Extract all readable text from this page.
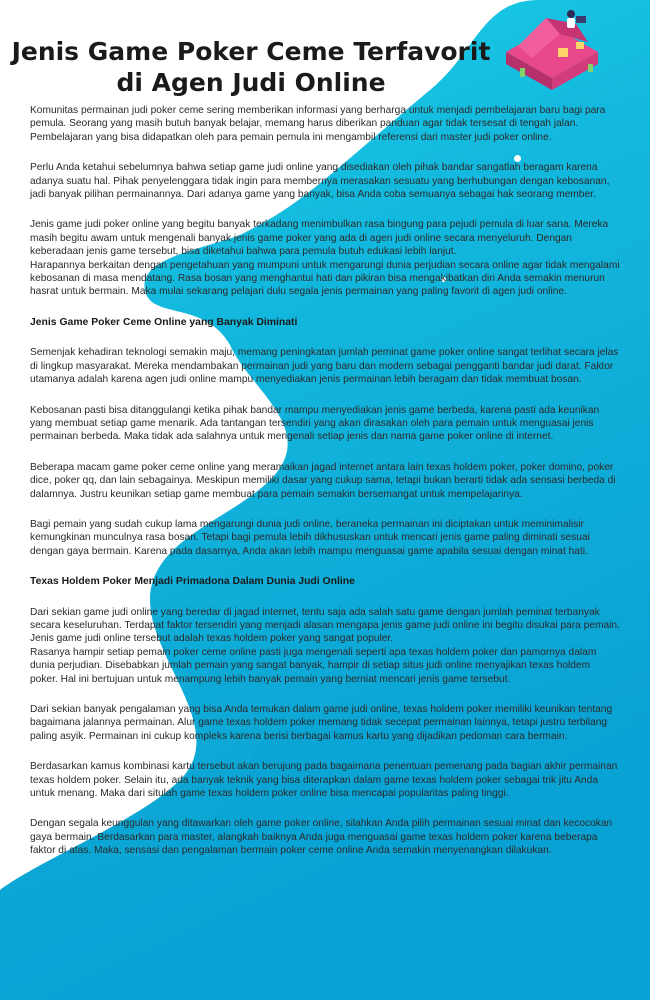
Jenis Game Poker Ceme Terfavorit
di Agen Judi Online

Komunitas permainan judi poker ceme sering memberikan informasi yang berharga untuk menjadi pembelajaran baru bagi para pemula. Seorang yang masih butuh banyak belajar, memang harus diberikan panduan agar tidak tersesat di tengah jalan. Pembelajaran yang bisa didapatkan oleh para pemain pemula ini mengambil referensi dari master judi poker online.

Perlu Anda ketahui sebelumnya bahwa setiap game judi online yang disediakan oleh pihak bandar sangatlah beragam karena adanya suatu hal. Pihak penyelenggara tidak ingin para membernya merasakan sesuatu yang berhubungan dengan kebosanan, jadi banyak pilihan permainannya. Dari adanya game yang banyak, bisa Anda coba semuanya sebagai hak seorang member.

Jenis game judi poker online yang begitu banyak terkadang menimbulkan rasa bingung para pejudi pemula di luar sana. Mereka masih begitu awam untuk mengenali banyak jenis game poker yang ada di agen judi online secara menyeluruh. Dengan keberadaan jenis game tersebut, bisa diketahui bahwa para pemula butuh edukasi lebih lanjut.

Harapannya berkaitan dengan pengetahuan yang mumpuni untuk mengarungi dunia perjudian secara online agar tidak mengalami kebosanan di masa mendatang. Rasa bosan yang menghantui hati dan pikiran bisa mengakibatkan diri Anda semakin menurun hasrat untuk bermain. Maka mulai sekarang pelajari dulu segala jenis permainan yang paling favorit di agen judi online.

Jenis Game Poker Ceme Online yang Banyak Diminati

Semenjak kehadiran teknologi semakin maju, memang peningkatan jumlah peminat game poker online sangat terlihat secara jelas di lingkup masyarakat. Mereka mendambakan permainan judi yang baru dan modern sebagai pengganti bandar judi darat. Faktor utamanya adalah karena agen judi online mampu menyediakan jenis permainan lebih beragam dan tidak membuat bosan.

Kebosanan pasti bisa ditanggulangi ketika pihak bandar mampu menyediakan jenis game berbeda, karena pasti ada keunikan yang membuat setiap game menarik. Ada tantangan tersendiri yang akan dirasakan oleh para pemain untuk menguasai jenis permainan berbeda. Maka tidak ada salahnya untuk mengenali setiap jenis dan nama game poker online di internet.

Beberapa macam game poker ceme online yang meramaikan jagad internet antara lain texas holdem poker, poker domino, poker dice, poker qq, dan lain sebagainya. Meskipun memiliki dasar yang cukup sama, tetapi bukan berarti tidak ada sensasi berbeda di dalamnya. Justru keunikan setiap game membuat para pemain semakin bersemangat untuk mempelajarinya.

Bagi pemain yang sudah cukup lama mengarungi dunia judi online, beraneka permainan ini diciptakan untuk meminimalisir kemungkinan munculnya rasa bosan. Tetapi bagi pemula lebih dikhususkan untuk mencari jenis game paling diminati sesuai dengan gaya bermain. Karena pada dasarnya, Anda akan lebih mampu menguasai game apabila sesuai dengan minat hati.

Texas Holdem Poker Menjadi Primadona Dalam Dunia Judi Online

Dari sekian game judi online yang beredar di jagad internet, tentu saja ada salah satu game dengan jumlah peminat terbanyak secara keseluruhan. Terdapat faktor tersendiri yang menjadi alasan mengapa jenis game judi online ini begitu disukai para pemain. Jenis game judi online tersebut adalah texas holdem poker yang sangat populer.

Rasanya hampir setiap pemain poker ceme online pasti juga mengenali seperti apa texas holdem poker dan pamornya dalam dunia perjudian. Disebabkan jumlah pemain yang sangat banyak, hampir di setiap situs judi online menyajikan texas holdem poker. Hal ini bertujuan untuk menampung lebih banyak pemain yang berniat mencari jenis game tersebut.

Dari sekian banyak pengalaman yang bisa Anda temukan dalam game judi online, texas holdem poker memiliki keunikan tentang bagaimana jalannya permainan. Alur game texas holdem poker memang tidak secepat permainan lainnya, tetapi justru terbilang paling asyik. Permainan ini cukup kompleks karena berisi berbagai kamus kartu yang dijadikan pedoman cara bermain.

Berdasarkan kamus kombinasi kartu tersebut akan berujung pada bagaimana penentuan pemenang pada bagian akhir permainan texas holdem poker. Selain itu, ada banyak teknik yang bisa diterapkan dalam game texas holdem poker sebagai trik jitu Anda untuk menang. Maka dari situlah game texas holdem poker online bisa mencapai popularitas paling tinggi.

Dengan segala keunggulan yang ditawarkan oleh game poker online, silahkan Anda pilih permainan sesuai minat dan kecocokan gaya bermain. Berdasarkan para master, alangkah baiknya Anda juga menguasai game texas holdem poker karena beberapa faktor di atas. Maka, sensasi dan pengalaman bermain poker ceme online Anda semakin menyenangkan dilakukan.
